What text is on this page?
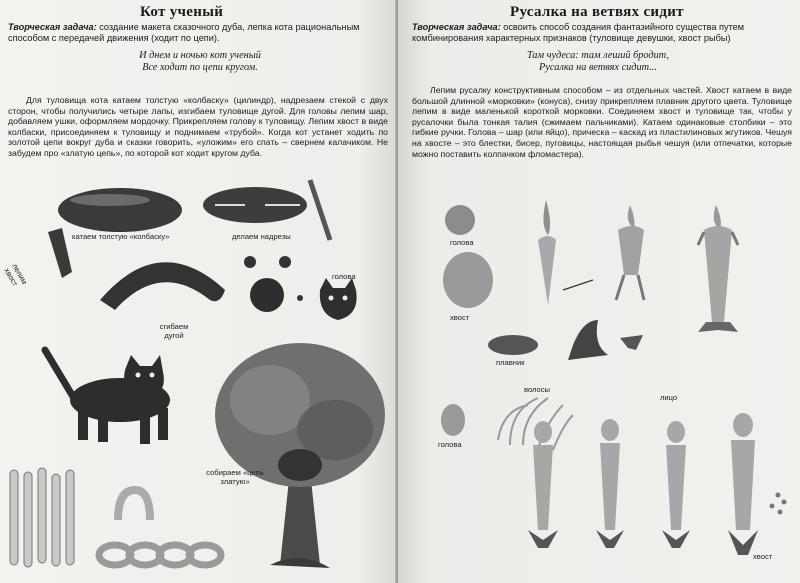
Кот ученый
Творческая задача: создание макета сказочного дуба, лепка кота рациональным способом с передачей движения (ходит по цепи).
И днем и ночью кот ученый
Все ходит по цепи кругом.
Для туловища кота катаем толстую «колбаску» (цилиндр), надрезаем стекой с двух сторон, чтобы получились четыре лапы, изгибаем туловище дугой. Для головы лепим шар, добавляем ушки, оформляем мордочку. Прикрепляем голову к туловищу. Лепим хвост в виде колбаски, присоединяем к туловищу и поднимаем «трубой». Когда кот устанет ходить по золотой цепи вокруг дуба и сказки говорить, «уложим» его спать – свернем калачиком. Не забудем про «златую цепь», по которой кот ходит кругом дуба.
катаем толстую «колбаску»	делаем надрезы
лепим хвост
сгибаем дугой
голова
собираем «цепь златую»
Русалка на ветвях сидит
Творческая задача: освоить способ создания фантазийного существа путем комбинирования характерных признаков (туловище девушки, хвост рыбы)
Там чудеса: там леший бродит,
Русалка на ветвях сидит...
Лепим русалку конструктивным способом – из отдельных частей. Хвост катаем в виде большой длинной «морковки» (конуса), снизу прикрепляем плавник другого цвета. Туловище лепим в виде маленькой короткой морковки. Соединяем хвост и туловище так, чтобы у русалочки была тонкая талия (сжимаем пальчиками). Катаем одинаковые столбики – это гибкие ручки. Голова – шар (или яйцо), прическа – каскад из пластилиновых жгутиков. Чешуя на хвосте – это блестки, бисер, пуговицы, настоящая рыбья чешуя (или отпечатки, которые можно поставить колпачком фломастера).
голова
хвост
плавник
волосы
голова
лицо
хвост
